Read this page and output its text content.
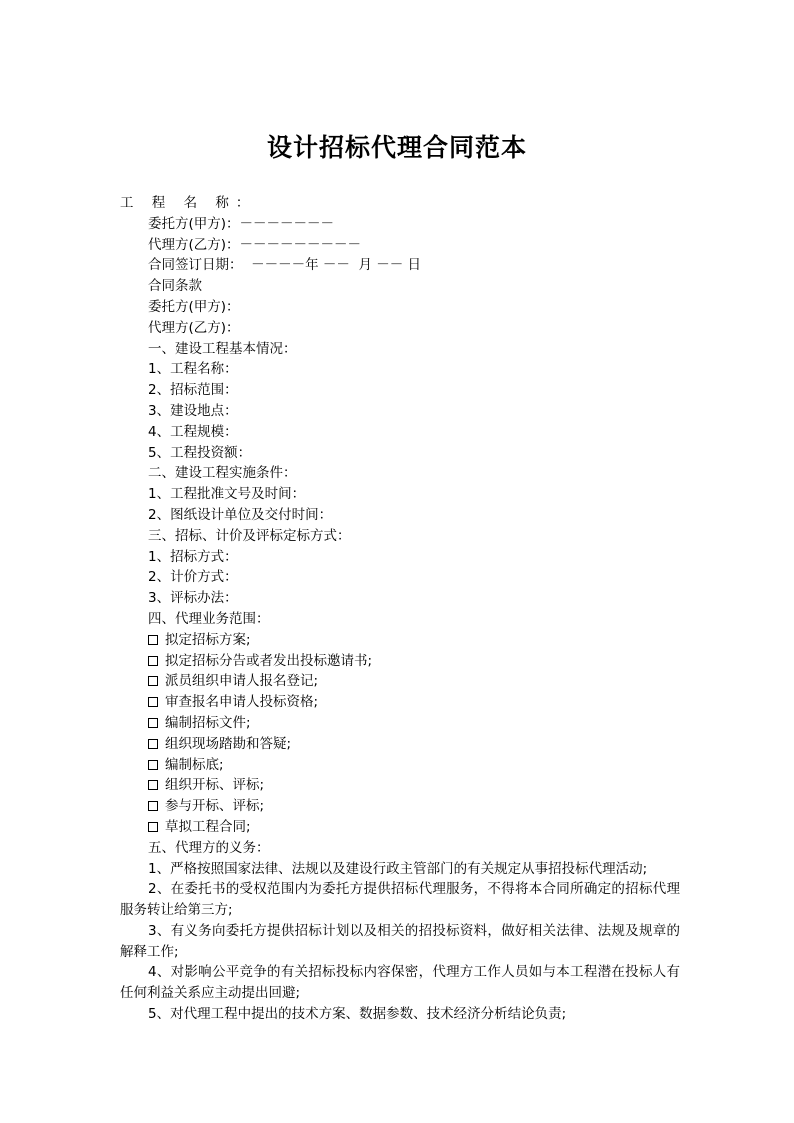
设计招标代理合同范本
工 程 名 称：
委托方(甲方)：－－－－－－－
代理方(乙方)：－－－－－－－－－
合同签订日期：  －－－－年 －－  月 －－ 日
合同条款
委托方(甲方)：
代理方(乙方)：
一、建设工程基本情况：
1、工程名称：
2、招标范围：
3、建设地点：
4、工程规模：
5、工程投资额：
二、建设工程实施条件：
1、工程批准文号及时间：
2、图纸设计单位及交付时间：
三、招标、计价及评标定标方式：
1、招标方式：
2、计价方式：
3、评标办法：
四、代理业务范围：
拟定招标方案;
拟定招标分告或者发出投标邀请书;
派员组织申请人报名登记;
审查报名申请人投标资格;
编制招标文件;
组织现场踏勘和答疑;
编制标底;
组织开标、评标;
参与开标、评标;
草拟工程合同;
五、代理方的义务：
1、严格按照国家法律、法规以及建设行政主管部门的有关规定从事招投标代理活动;
2、在委托书的受权范围内为委托方提供招标代理服务，不得将本合同所确定的招标代理服务转让给第三方;
3、有义务向委托方提供招标计划以及相关的招投标资料，做好相关法律、法规及规章的解释工作;
4、对影响公平竞争的有关招标投标内容保密，代理方工作人员如与本工程潜在投标人有任何利益关系应主动提出回避;
5、对代理工程中提出的技术方案、数据参数、技术经济分析结论负责;
